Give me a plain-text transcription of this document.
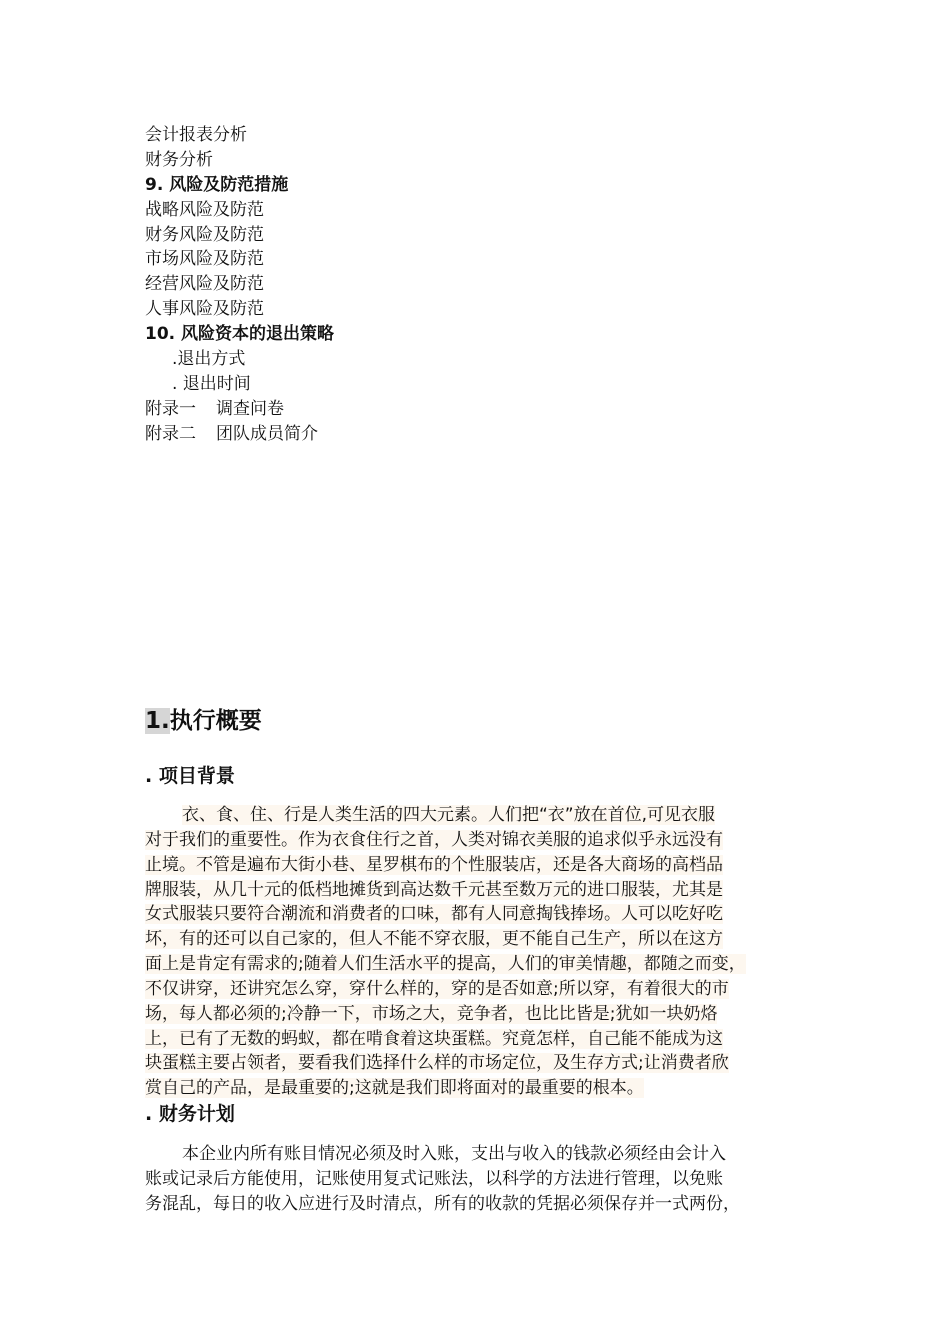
会计报表分析
财务分析
9. 风险及防范措施
战略风险及防范
财务风险及防范
市场风险及防范
经营风险及防范
人事风险及防范
10. 风险资本的退出策略
.退出方式
. 退出时间
附录一 调查问卷
附录二 团队成员简介
1.执行概要
. 项目背景
衣、食、住、行是人类生活的四大元素。人们把“衣”放在首位,可见衣服
对于我们的重要性。作为衣食住行之首，人类对锦衣美服的追求似乎永远没有
止境。不管是遍布大街小巷、星罗棋布的个性服装店，还是各大商场的高档品
牌服装，从几十元的低档地摊货到高达数千元甚至数万元的进口服装，尤其是
女式服装只要符合潮流和消费者的口味，都有人同意掏钱捧场。人可以吃好吃
坏，有的还可以自己家的，但人不能不穿衣服，更不能自己生产，所以在这方
面上是肯定有需求的;随着人们生活水平的提高，人们的审美情趣，都随之而变，
不仅讲穿，还讲究怎么穿，穿什么样的，穿的是否如意;所以穿，有着很大的市
场，每人都必须的;冷静一下，市场之大，竞争者，也比比皆是;犹如一块奶烙
上，已有了无数的蚂蚁，都在啃食着这块蛋糕。究竟怎样，自己能不能成为这
块蛋糕主要占领者，要看我们选择什么样的市场定位，及生存方式;让消费者欣
赏自己的产品，是最重要的;这就是我们即将面对的最重要的根本。
. 财务计划
本企业内所有账目情况必须及时入账，支出与收入的钱款必须经由会计入
账或记录后方能使用，记账使用复式记账法，以科学的方法进行管理，以免账
务混乱，每日的收入应进行及时清点，所有的收款的凭据必须保存并一式两份，
